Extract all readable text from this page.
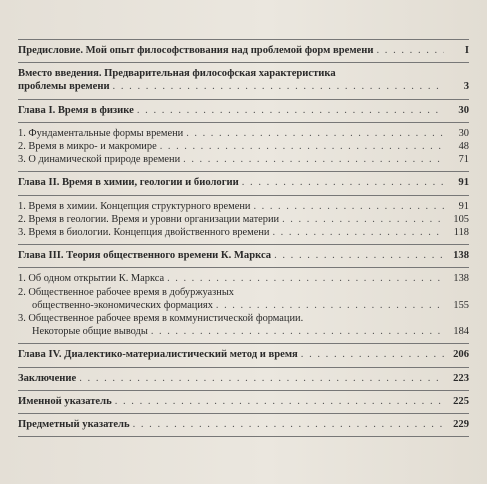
Предисловие. Мой опыт философствования над проблемой форм времени . . .	I
Вместо введения. Предварительная философская характеристика
проблемы времени . . .	3
Глава I. Время в физике . . .	30
1. Фундаментальные формы времени . . .	30
2. Время в микро- и макромире . . .	48
3. О динамической природе времени . . .	71
Глава II. Время в химии, геологии и биологии . . .	91
1. Время в химии. Концепция структурного времени . . .	91
2. Время в геологии. Время и уровни организации материи . . .	105
3. Время в биологии. Концепция двойственного времени . . .	118
Глава III. Теория общественного времени К. Маркса . . .	138
1. Об одном открытии К. Маркса . . .	138
2. Общественное рабочее время в добуржуазных
общественно-экономических формациях . . .	155
3. Общественное рабочее время в коммунистической формации.
Некоторые общие выводы . . .	184
Глава IV. Диалектико-материалистический метод и время . . .	206
Заключение . . .	223
Именной указатель . . .	225
Предметный указатель . . .	229
